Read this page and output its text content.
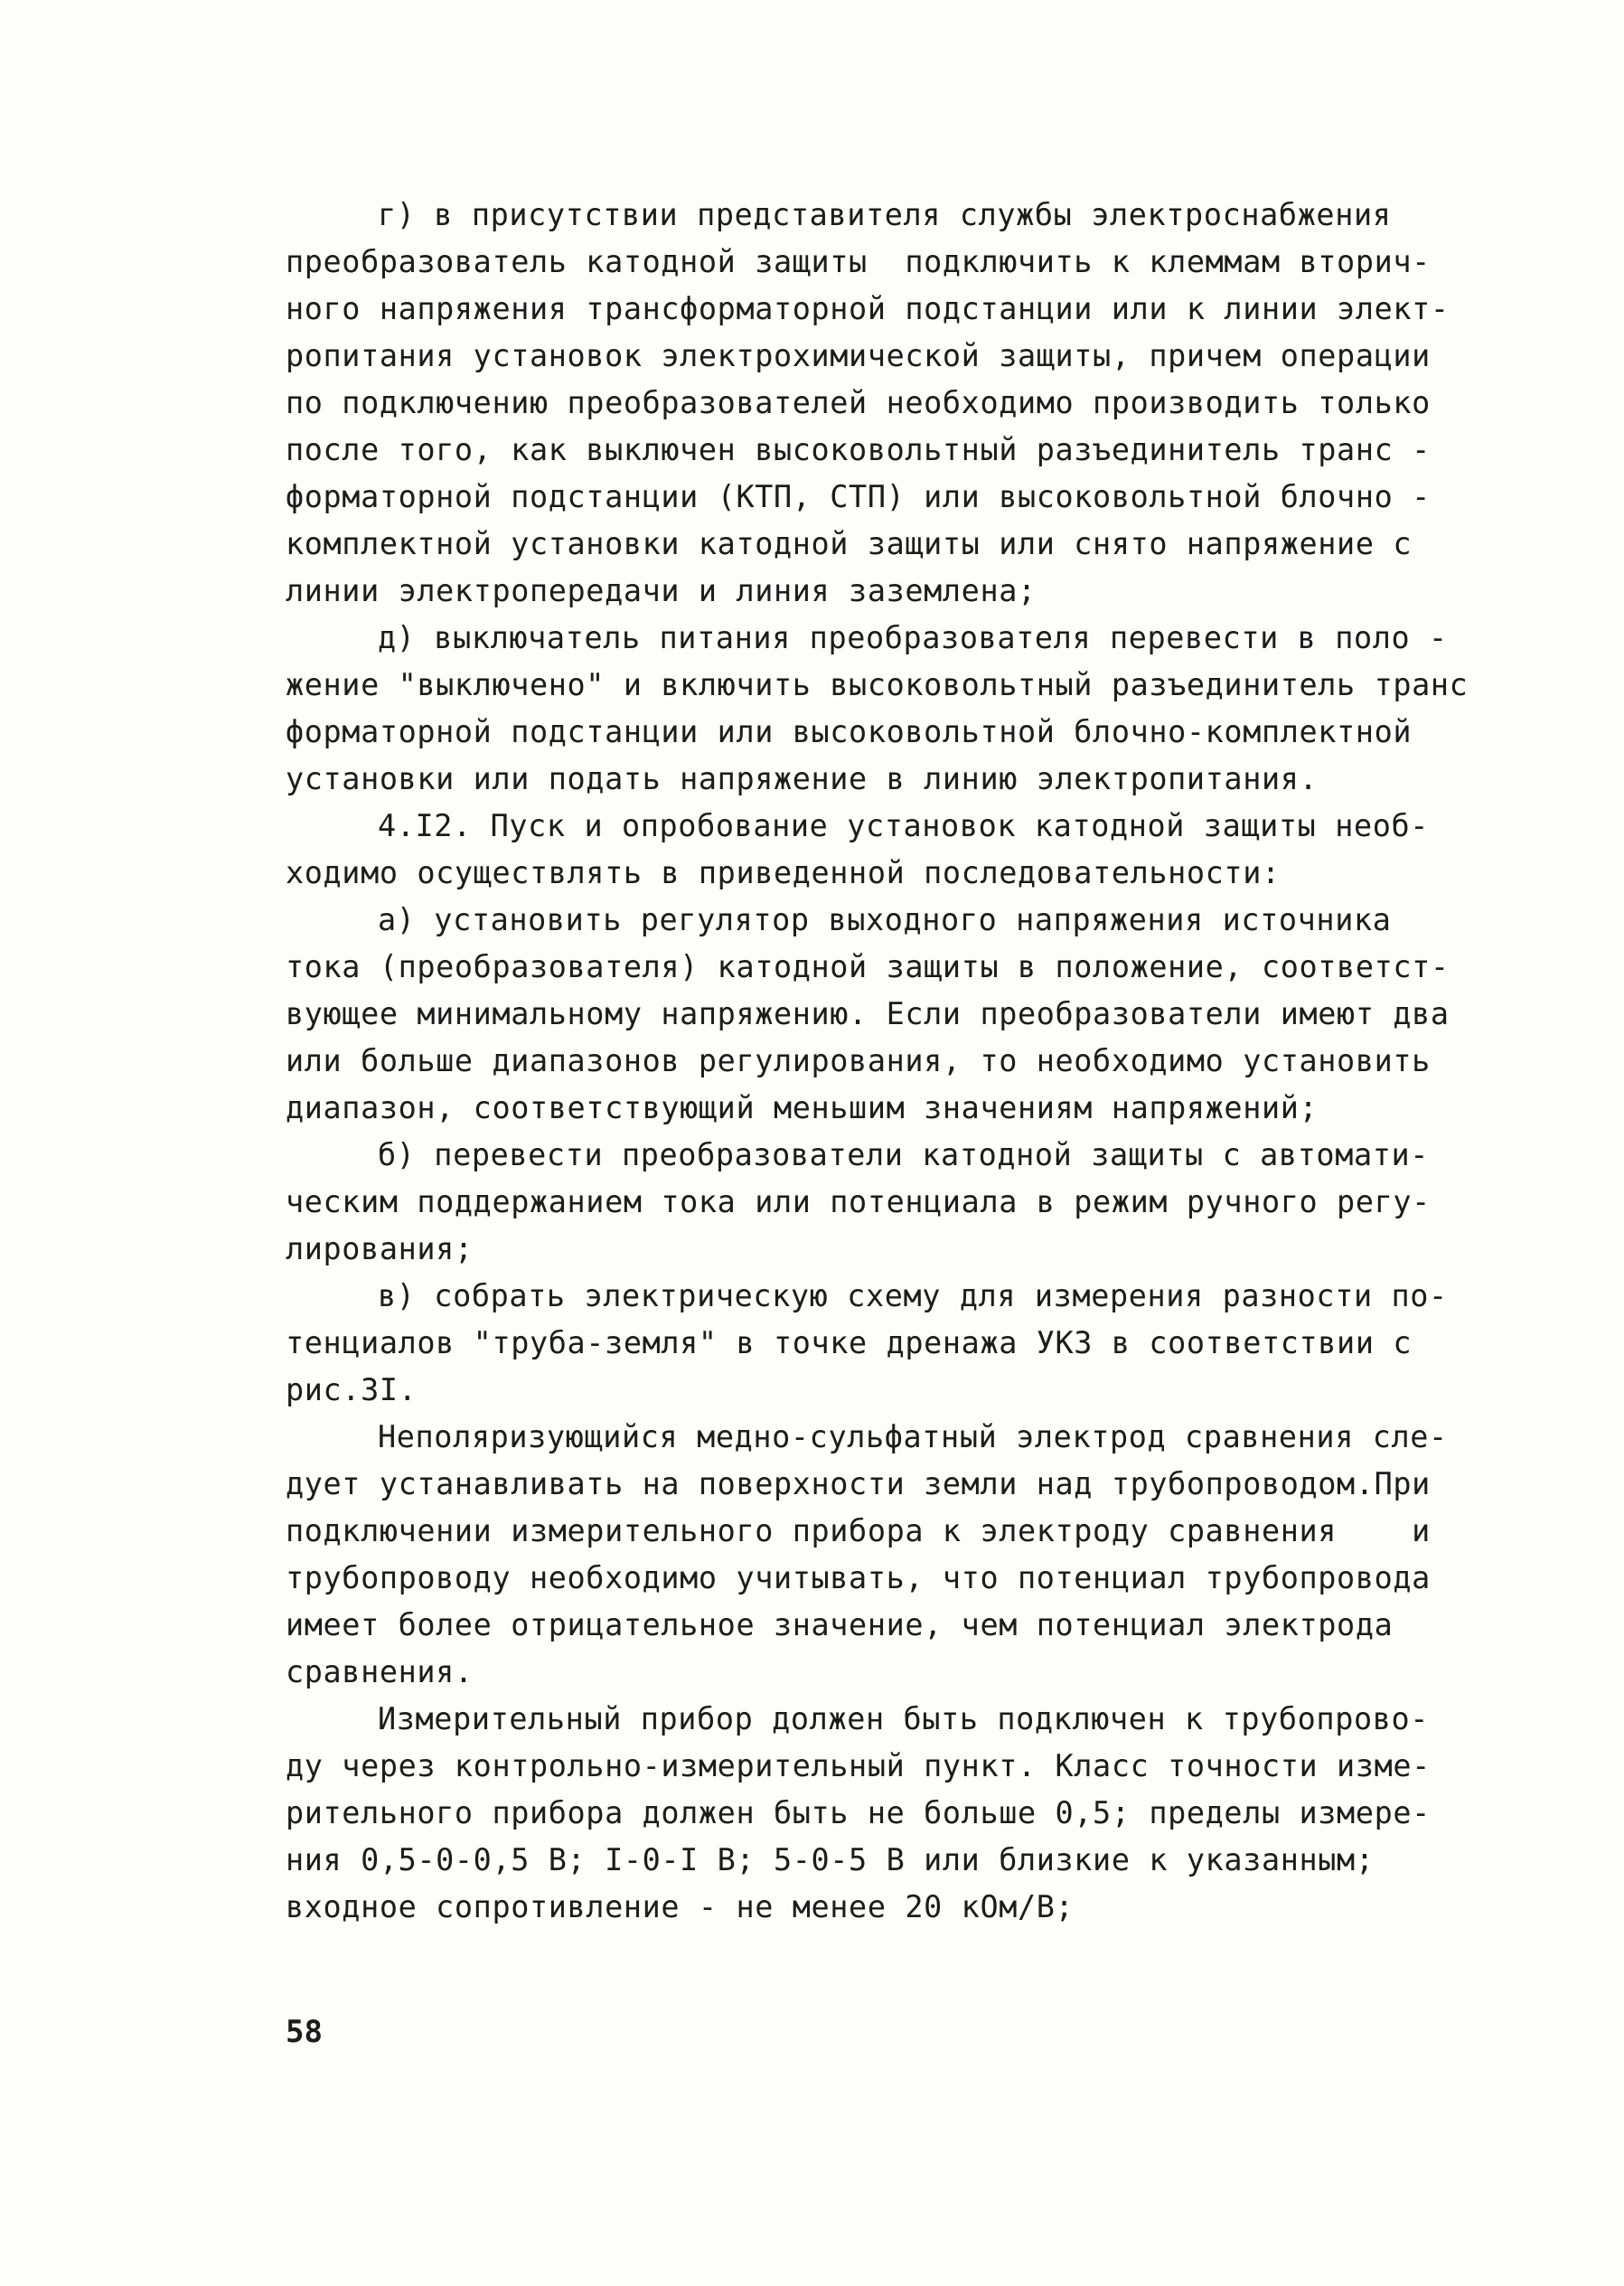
г) в присутствии представителя службы электроснабжения

преобразователь катодной защиты  подключить к клеммам вторич-

ного напряжения трансформаторной подстанции или к линии элект-

ропитания установок электрохимической защиты, причем операции

по подключению преобразователей необходимо производить только

после того, как выключен высоковольтный разъединитель транс -

форматорной подстанции (КТП, СТП) или высоковольтной блочно -

комплектной установки катодной защиты или снято напряжение с

линии электропередачи и линия заземлена;

д) выключатель питания преобразователя перевести в поло -

жение "выключено" и включить высоковольтный разъединитель транс

форматорной подстанции или высоковольтной блочно-комплектной

установки или подать напряжение в линию электропитания.

4.I2. Пуск и опробование установок катодной защиты необ-

ходимо осуществлять в приведенной последовательности:

а) установить регулятор выходного напряжения источника

тока (преобразователя) катодной защиты в положение, соответст-

вующее минимальному напряжению. Если преобразователи имеют два

или больше диапазонов регулирования, то необходимо установить

диапазон, соответствующий меньшим значениям напряжений;

б) перевести преобразователи катодной защиты с автомати-

ческим поддержанием тока или потенциала в режим ручного регу-

лирования;

в) собрать электрическую схему для измерения разности по-

тенциалов "труба-земля" в точке дренажа УКЗ в соответствии с

рис.3I.

Неполяризующийся медно-сульфатный электрод сравнения сле-

дует устанавливать на поверхности земли над трубопроводом.При

подключении измерительного прибора к электроду сравнения    и

трубопроводу необходимо учитывать, что потенциал трубопровода

имеет более отрицательное значение, чем потенциал электрода

сравнения.

Измерительный прибор должен быть подключен к трубопрово-

ду через контрольно-измерительный пункт. Класс точности изме-

рительного прибора должен быть не больше 0,5; пределы измере-

ния 0,5-0-0,5 В; I-0-I В; 5-0-5 В или близкие к указанным;

входное сопротивление - не менее 20 кОм/В;

58
